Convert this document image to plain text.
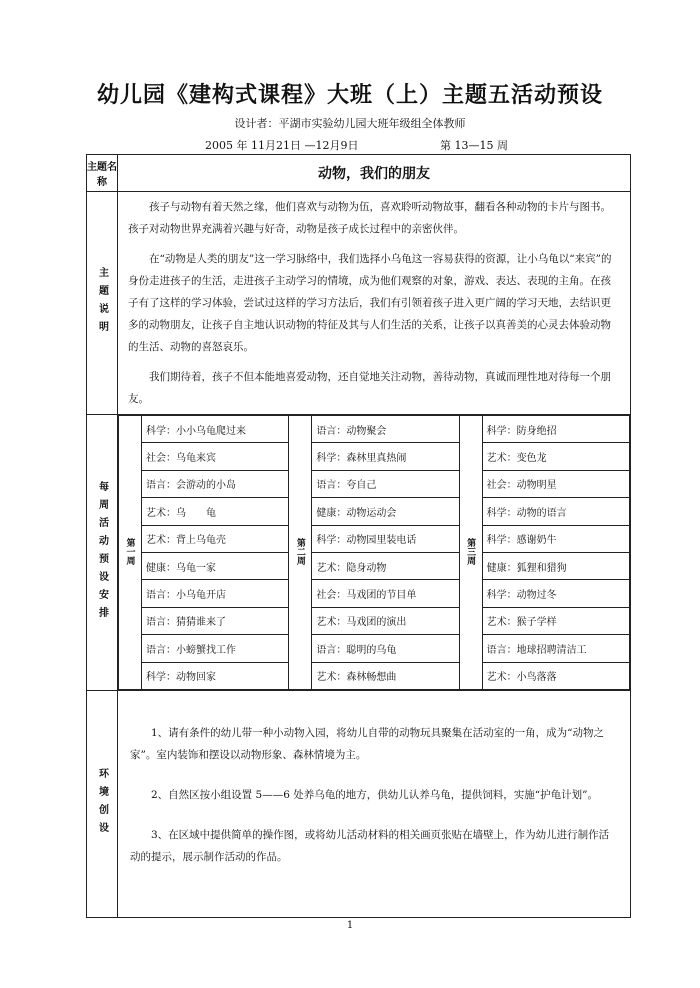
幼儿园《建构式课程》大班（上）主题五活动预设
设计者：平湖市实验幼儿园大班年级组全体教师
2005 年 11月21日 —12月9日	第 13—15 周
主题名称	动物，我们的朋友

主题说明

孩子与动物有着天然之缘，他们喜欢与动物为伍，喜欢聆听动物故事，翻看各种动物的卡片与图书。孩子对动物世界充满着兴趣与好奇，动物是孩子成长过程中的亲密伙伴。

在“动物是人类的朋友”这一学习脉络中，我们选择小乌龟这一容易获得的资源，让小乌龟以“来宾”的身份走进孩子的生活，走进孩子主动学习的情境，成为他们观察的对象，游戏、表达、表现的主角。在孩子有了这样的学习体验，尝试过这样的学习方法后，我们有引领着孩子进入更广阔的学习天地，去结识更多的动物朋友，让孩子自主地认识动物的特征及其与人们生活的关系，让孩子以真善美的心灵去体验动物的生活、动物的喜怒哀乐。

我们期待着，孩子不但本能地喜爱动物，还自觉地关注动物，善待动物，真诚而理性地对待每一个朋友。

每周活动预设安排
	第一周	科学：小小乌龟爬过来	第二周	语言：动物聚会	第三周	科学：防身绝招
社会：乌龟来宾	科学：森林里真热闹	艺术：变色龙
语言：会游动的小岛	语言：夸自己	社会：动物明星
艺术：乌　　龟	健康：动物运动会	科学：动物的语言
艺术：背上乌龟壳	科学：动物园里装电话	科学：感谢奶牛
健康：乌龟一家	艺术：隐身动物	健康：狐狸和猎狗
语言：小乌龟开店	社会：马戏团的节目单	科学：动物过冬
语言：猜猜谁来了	艺术：马戏团的演出	艺术：猴子学样
语言：小螃蟹找工作	语言：聪明的乌龟	语言：地球招聘清洁工
科学：动物回家	艺术：森林畅想曲	艺术：小鸟落落

环境创设

1、请有条件的幼儿带一种小动物入园，将幼儿自带的动物玩具聚集在活动室的一角，成为“动物之家”。室内装饰和摆设以动物形象、森林情境为主。

2、自然区按小组设置 5——6 处养乌龟的地方，供幼儿认养乌龟，提供饲料，实施“护龟计划”。

3、在区域中提供简单的操作图，或将幼儿活动材料的相关画页张贴在墙壁上，作为幼儿进行制作活动的提示，展示制作活动的作品。

1
